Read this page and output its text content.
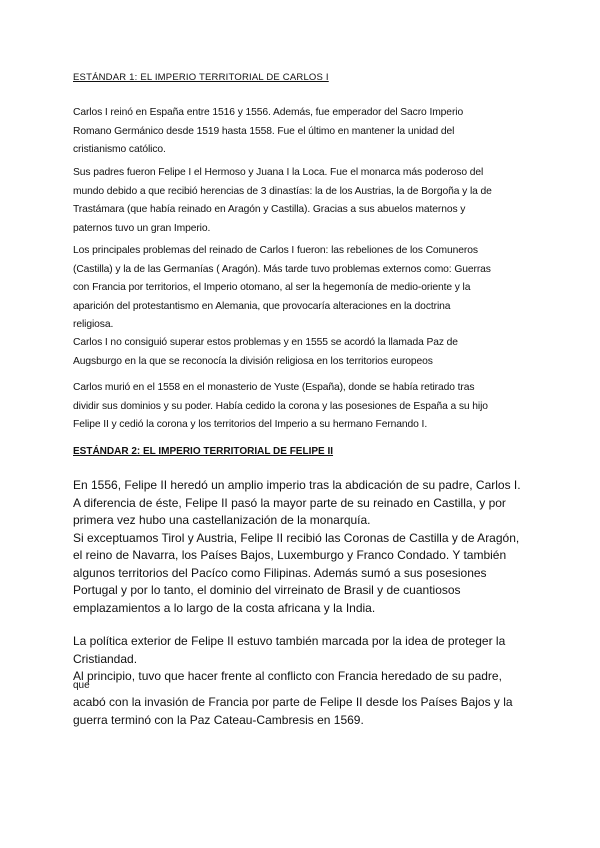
ESTÁNDAR 1: EL IMPERIO TERRITORIAL DE CARLOS I
Carlos I reinó en España entre 1516 y 1556. Además, fue emperador del Sacro Imperio
Romano Germánico desde 1519 hasta 1558. Fue el último en mantener la unidad del
cristianismo católico.
Sus padres fueron Felipe I el Hermoso y Juana I la Loca. Fue el monarca más poderoso del
mundo debido a que recibió herencias de 3 dinastías: la de los Austrias, la de Borgoña y la de
Trastámara (que había reinado en Aragón y Castilla). Gracias a sus abuelos maternos y
paternos tuvo un gran Imperio.
Los principales problemas del reinado de Carlos I fueron: las rebeliones de los Comuneros
(Castilla) y la de las Germanías ( Aragón). Más tarde tuvo problemas externos como: Guerras
con Francia por territorios, el Imperio otomano, al ser la hegemonía de medio-oriente y la
aparición del protestantismo en Alemania, que provocaría alteraciones en la doctrina
religiosa.
Carlos I no consiguió superar estos problemas y en 1555 se acordó la llamada Paz de
Augsburgo en la que se reconocía la división religiosa en los territorios europeos
Carlos murió en el 1558 en el monasterio de Yuste (España), donde se había retirado tras
dividir sus dominios y su poder. Había cedido la corona y las posesiones de España a su hijo
Felipe II y cedió la corona y los territorios del Imperio a su hermano Fernando I.
ESTÁNDAR 2: EL IMPERIO TERRITORIAL DE FELIPE II
En 1556, Felipe II heredó un amplio imperio tras la abdicación de su padre, Carlos I.
A diferencia de éste, Felipe II pasó la mayor parte de su reinado en Castilla, y por
primera vez hubo una castellanización de la monarquía.
Si exceptuamos Tirol y Austria, Felipe II recibió las Coronas de Castilla y de Aragón,
el reino de Navarra, los Países Bajos, Luxemburgo y Franco Condado. Y también
algunos territorios del Pacíco como Filipinas. Además sumó a sus posesiones
Portugal y por lo tanto, el dominio del virreinato de Brasil y de cuantiosos
emplazamientos a lo largo de la costa africana y la India.
La política exterior de Felipe II estuvo también marcada por la idea de proteger la
Cristiandad.
Al principio, tuvo que hacer frente al conflicto con Francia heredado de su padre,
que
acabó con la invasión de Francia por parte de Felipe II desde los Países Bajos y la
guerra terminó con la Paz Cateau-Cambresis en 1569.
